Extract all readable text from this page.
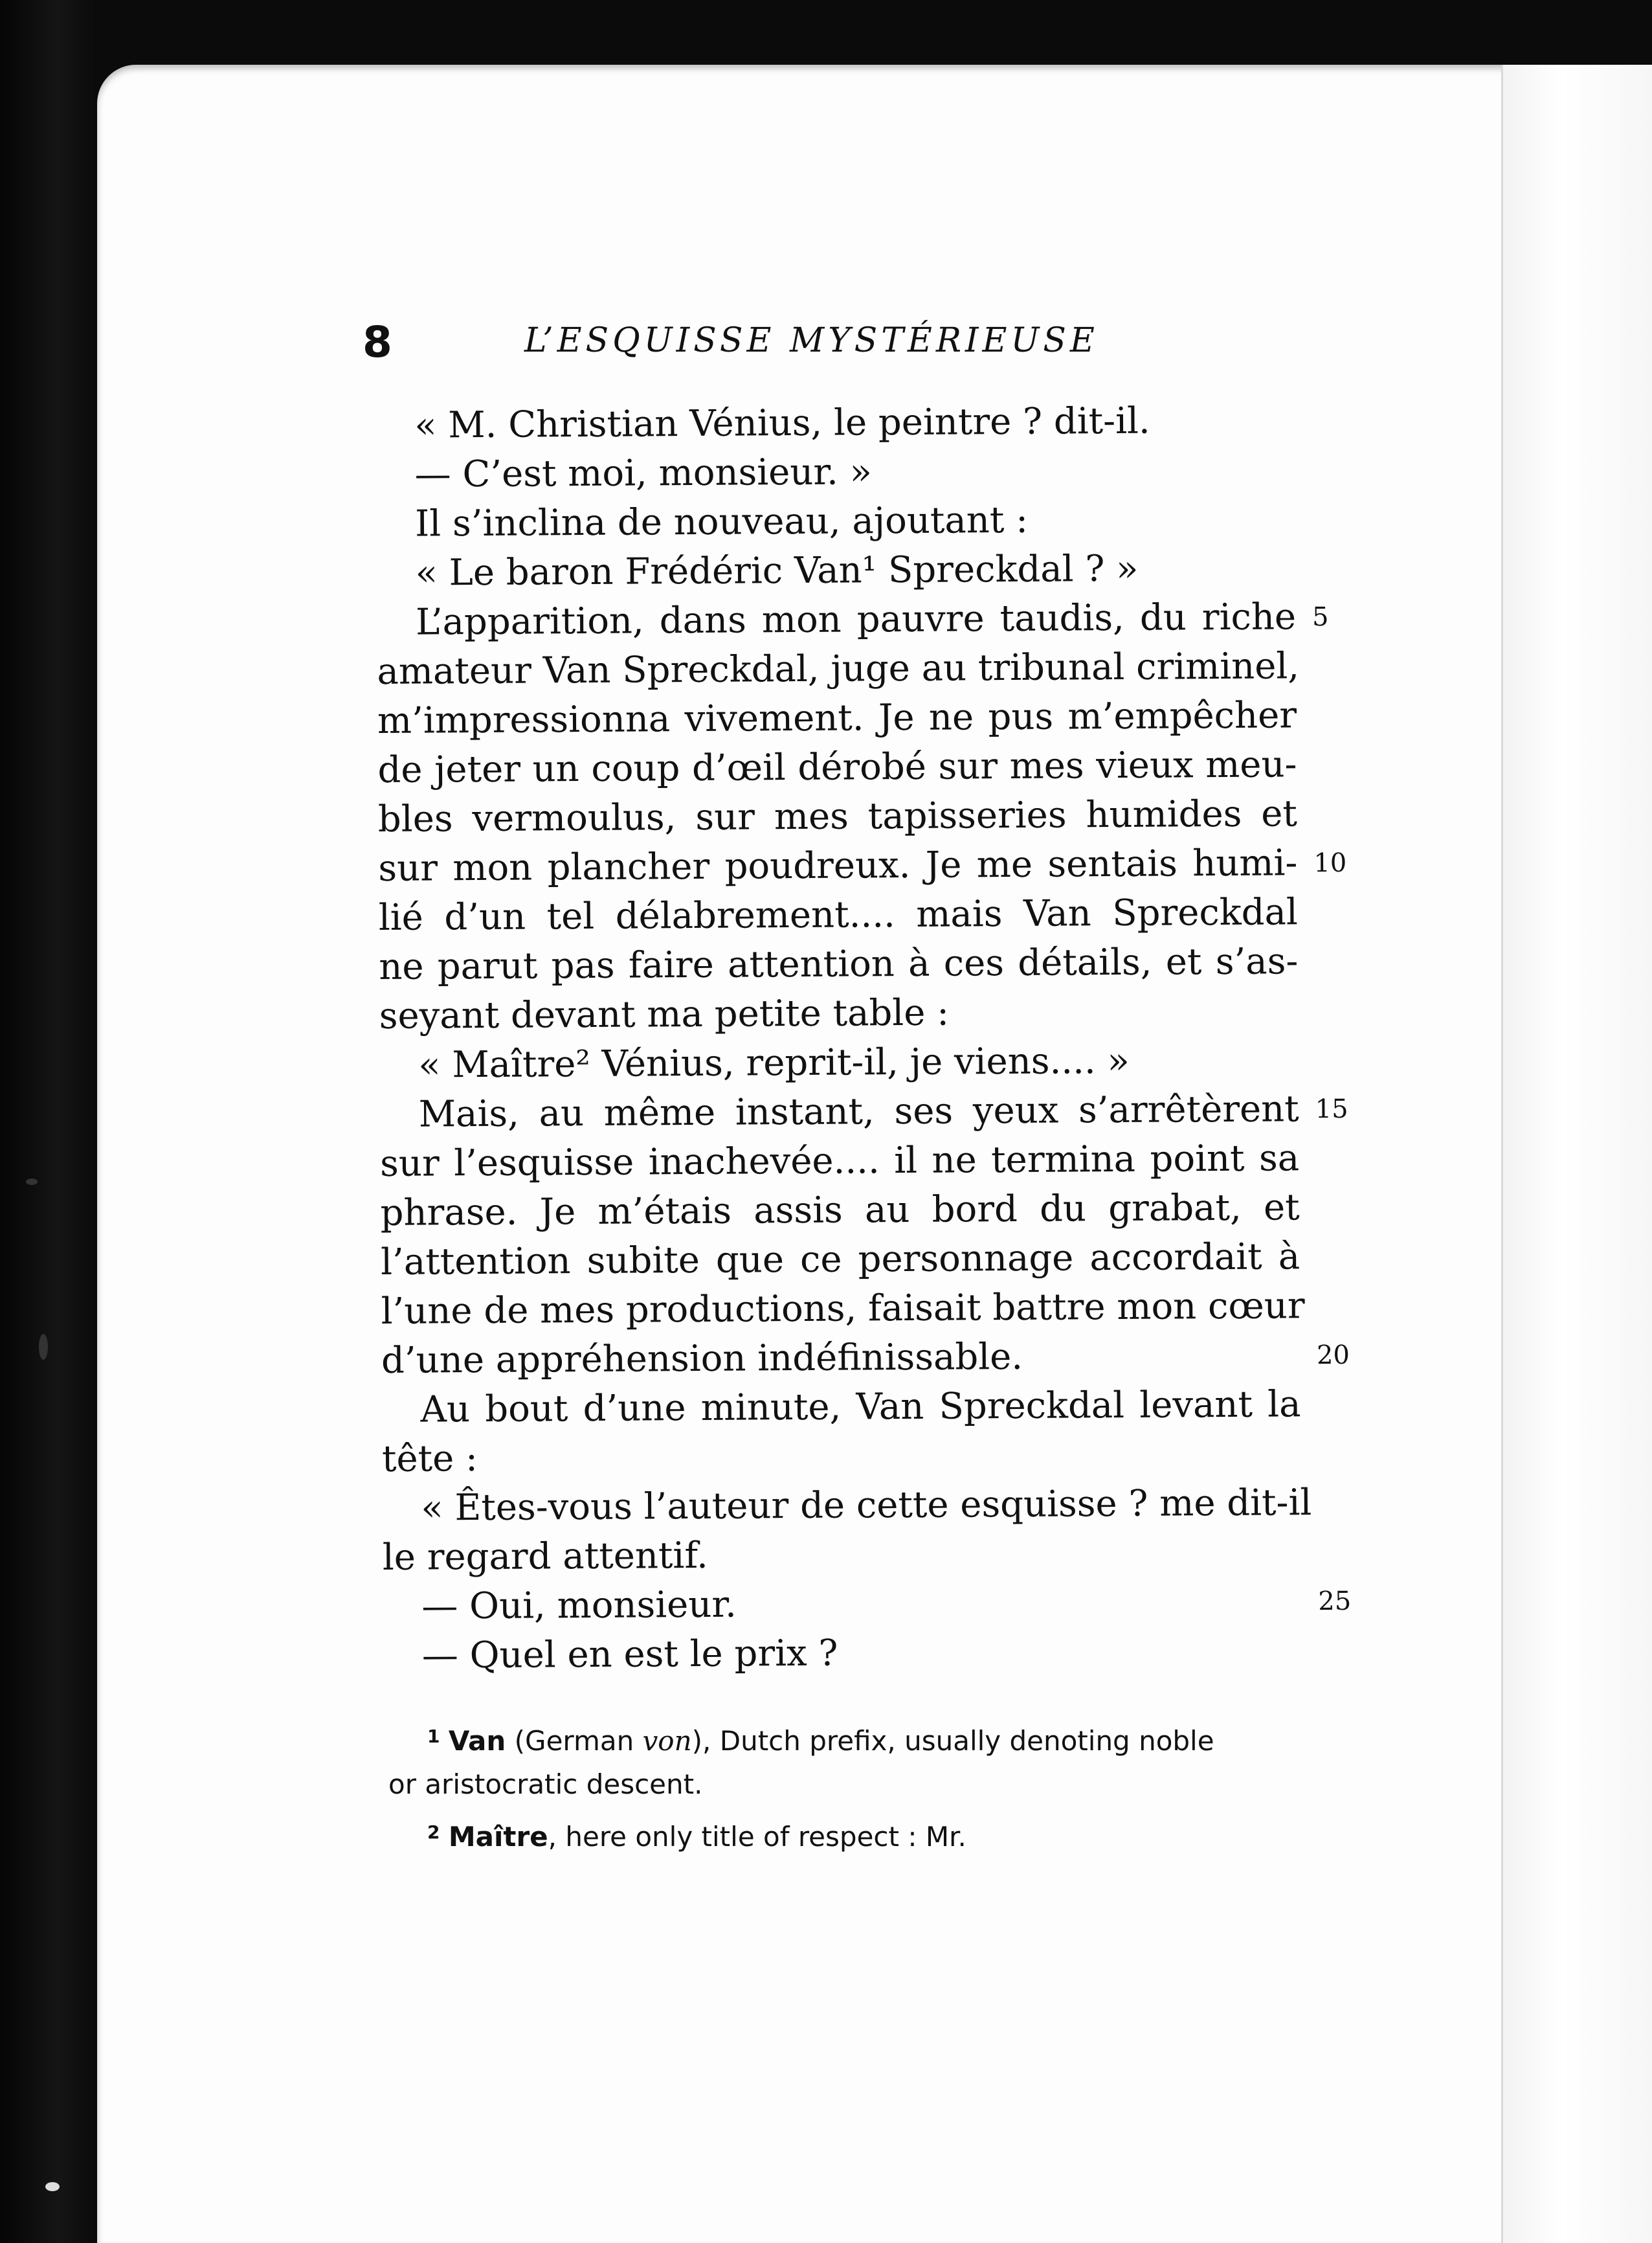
8	L’ESQUISSE MYSTÉRIEUSE
« M. Christian Vénius, le peintre ? dit-il.
— C’est moi, monsieur. »
Il s’inclina de nouveau, ajoutant :
« Le baron Frédéric Van¹ Spreckdal ? »
L’apparition, dans mon pauvre taudis, du riche 5
amateur Van Spreckdal, juge au tribunal criminel,
m’impressionna vivement. Je ne pus m’empêcher
de jeter un coup d’œil dérobé sur mes vieux meu-
bles vermoulus, sur mes tapisseries humides et
sur mon plancher poudreux. Je me sentais humi- 10
lié d’un tel délabrement.... mais Van Spreckdal
ne parut pas faire attention à ces détails, et s’as-
seyant devant ma petite table :
« Maître² Vénius, reprit-il, je viens.... »
Mais, au même instant, ses yeux s’arrêtèrent 15
sur l’esquisse inachevée.... il ne termina point sa
phrase. Je m’étais assis au bord du grabat, et
l’attention subite que ce personnage accordait à
l’une de mes productions, faisait battre mon cœur
d’une appréhension indéfinissable.	20
Au bout d’une minute, Van Spreckdal levant la
tête :
« Êtes-vous l’auteur de cette esquisse ? me dit-il
le regard attentif.
— Oui, monsieur.	25
— Quel en est le prix ?
$^1$ Van (German von), Dutch prefix, usually denoting noble
or aristocratic descent.
$^2$ Maître, here only title of respect : Mr.
